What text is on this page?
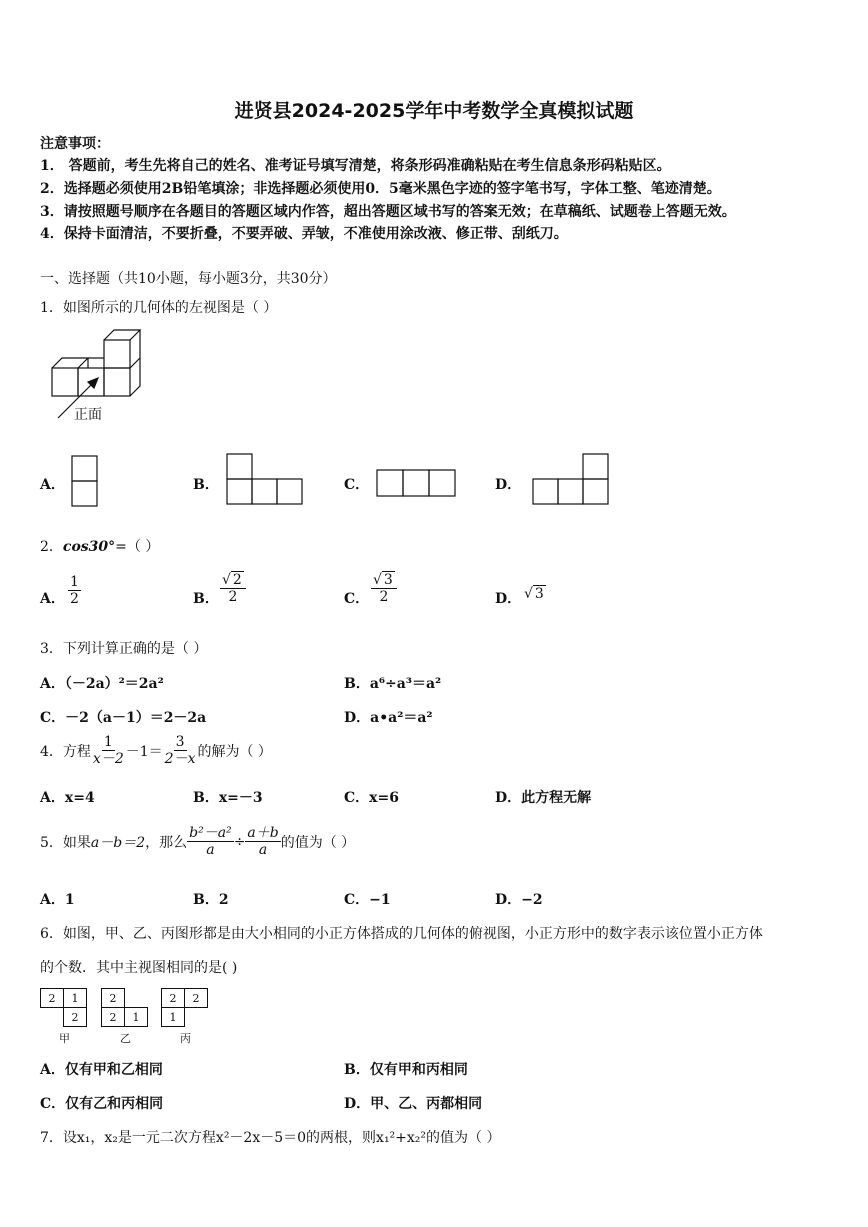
进贤县2024-2025学年中考数学全真模拟试题
注意事项：
1． 答题前，考生先将自己的姓名、准考证号填写清楚，将条形码准确粘贴在考生信息条形码粘贴区。
2．选择题必须使用2B铅笔填涂；非选择题必须使用0．5毫米黑色字迹的签字笔书写，字体工整、笔迹清楚。
3．请按照题号顺序在各题目的答题区域内作答，超出答题区域书写的答案无效；在草稿纸、试题卷上答题无效。
4．保持卡面清洁，不要折叠，不要弄破、弄皱，不准使用涂改液、修正带、刮纸刀。
一、选择题（共10小题，每小题3分，共30分）
1．如图所示的几何体的左视图是（ ）
正面
A．	B．	C．	D．
2．cos30°=（ ）
A． $\frac{1}{2}$	B． $\frac{√ 2}{2}$	C． $\frac{√ 3}{2}$	D． √ 3
3．下列计算正确的是（ ）
A．（－2a）²＝2a²	B．a⁶÷a³＝a²
C．－2（a－1）＝2－2a	D．a•a²＝a²
4．方程 $\frac{1}{x-2} -1= \frac{3}{2-x}$ 的解为（ ）
A．x=4	B．x=－3	C．x=6	D．此方程无解
5．如果 a－b＝2 ，那么 $\frac{\text{b²－a²}}{a} \div \frac{a+b}{a}$ 的值为（ ）
A．1	B．2	C．−1	D．−2
6．如图，甲、乙、丙图形都是由大小相同的小正方体搭成的几何体的俯视图，小正方形中的数字表示该位置小正方体
的个数．其中主视图相同的是( )
2	1
	2
甲
2	
2	1
乙
2	2
1	
丙
A．仅有甲和乙相同	B．仅有甲和丙相同
C．仅有乙和丙相同	D．甲、乙、丙都相同
7．设x₁，x₂是一元二次方程x²－2x－5＝0的两根，则x₁²+x₂²的值为（ ）
